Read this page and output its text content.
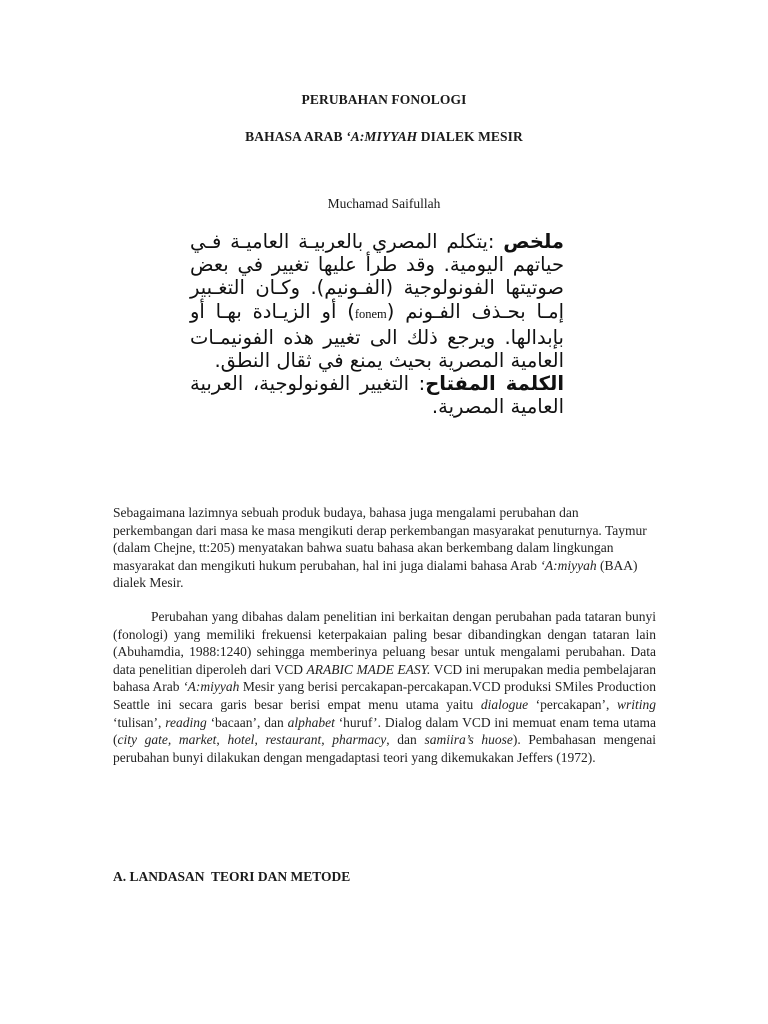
PERUBAHAN FONOLOGI
BAHASA ARAB ‘A:MIYYAH DIALEK MESIR
Muchamad Saifullah
ملخص :يتكلم المصري بالعربيـة العاميـة فـي حياتهم اليومية. وقد طرأ عليها تغيير في بعض صوتيتها الفونولوجية (الفـونيم). وكـان التغـبير إمـا بحـذف الفـونم (fonem) أو الزيـادة بهـا أو بإبدالها. ويرجع ذلك الى تغيير هذه الفونيمـات العامية المصرية بحيث يمنع في ثقال النطق.
الكلمة المفتاح: التغيير الفونولوجية، العربية العامية المصرية.
Sebagaimana lazimnya sebuah produk budaya, bahasa juga mengalami perubahan dan perkembangan dari masa ke masa mengikuti derap perkembangan masyarakat penuturnya. Taymur (dalam Chejne, tt:205) menyatakan bahwa suatu bahasa akan berkembang dalam lingkungan masyarakat dan mengikuti hukum perubahan, hal ini juga dialami bahasa Arab ‘A:miyyah (BAA) dialek Mesir.
Perubahan yang dibahas dalam penelitian ini berkaitan dengan perubahan pada tataran bunyi (fonologi) yang memiliki frekuensi keterpakaian paling besar dibandingkan dengan tataran lain (Abuhamdia, 1988:1240) sehingga memberinya peluang besar untuk mengalami perubahan. Data data penelitian diperoleh dari VCD ARABIC MADE EASY. VCD ini merupakan media pembelajaran bahasa Arab ‘A:miyyah Mesir yang berisi percakapan-percakapan.VCD produksi SMiles Production Seattle ini secara garis besar berisi empat menu utama yaitu dialogue ‘percakapan’, writing ‘tulisan’, reading ‘bacaan’, dan alphabet ‘huruf’. Dialog dalam VCD ini memuat enam tema utama (city gate, market, hotel, restaurant, pharmacy, dan samiira’s huose). Pembahasan mengenai perubahan bunyi dilakukan dengan mengadaptasi teori yang dikemukakan Jeffers (1972).
A. LANDASAN  TEORI DAN METODE
